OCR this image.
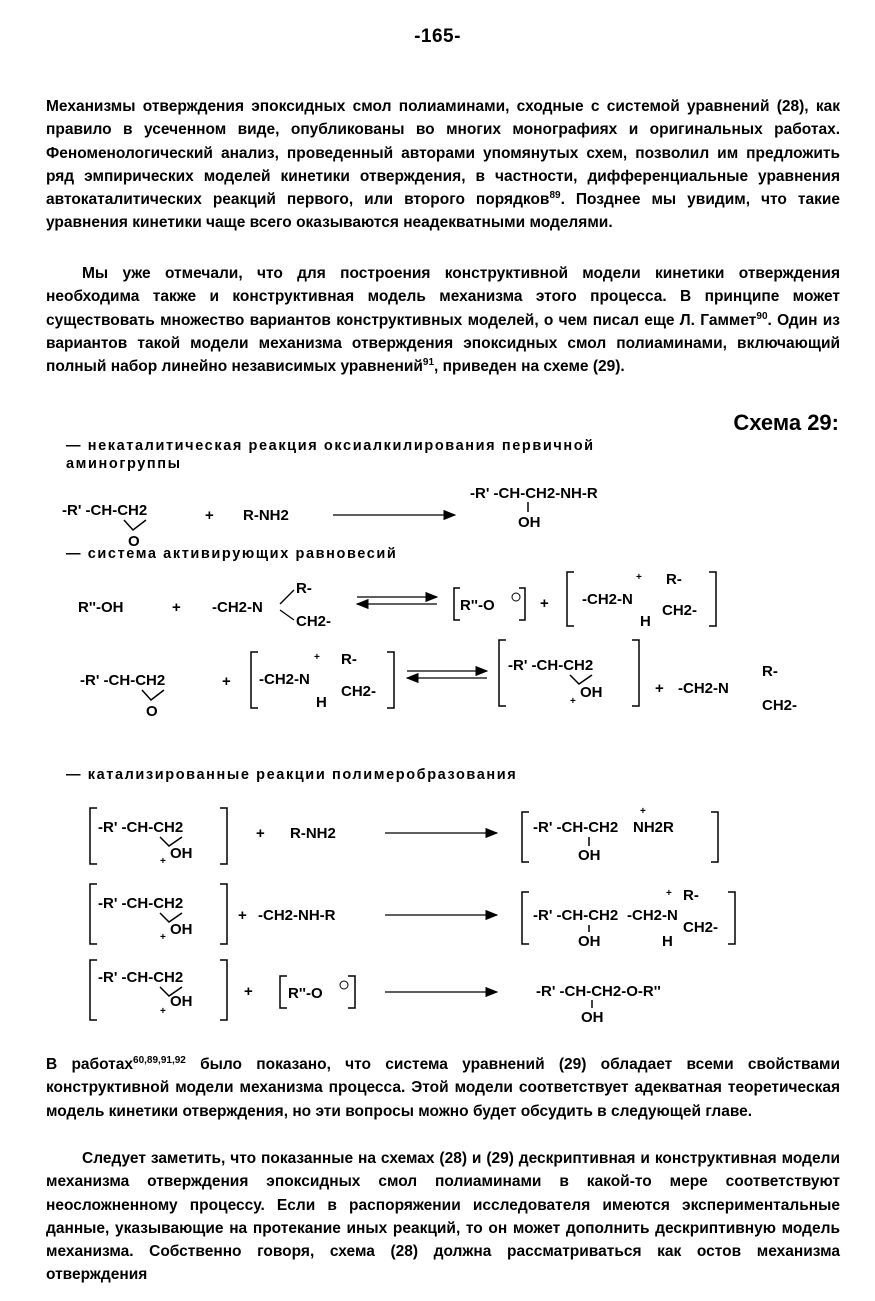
-165-

Механизмы отверждения эпоксидных смол полиаминами, сходные с системой уравнений (28), как правило в усеченном виде, опубликованы во многих монографиях и оригинальных работах. Феноменологический анализ, проведенный авторами упомянутых схем, позволил им предложить ряд эмпирических моделей кинетики отверждения, в частности, дифференциальные уравнения автокаталитических реакций первого, или второго порядков$^{89}$. Позднее мы увидим, что такие уравнения кинетики чаще всего оказываются неадекватными моделями.

Мы уже отмечали, что для построения конструктивной модели кинетики отверждения необходима также и конструктивная модель механизма этого процесса. В принципе может существовать множество вариантов конструктивных моделей, о чем писал еще Л. Гаммет$^{90}$. Один из вариантов такой модели механизма отверждения эпоксидных смол полиаминами, включающий полный набор линейно независимых уравнений$^{91}$, приведен на схеме (29).

Схема 29:
— некаталитическая реакция оксиалкилирования первичной аминогруппы
— система активирующих равновесий
— катализированные реакции полимеробразования
-R' -CH-CH2
O
+ R-NH2
-R' -CH-CH2-NH-R
OH
R''-OH	+ -CH2-N
R-
CH2-
R''-O	+ -CH2-N
R-
CH2-
H
+
-R' -CH-CH2
O
+ -CH2-N
R-
CH2-
H
+	-R' -CH-CH2
OH
+
+ -CH2-N
R-
CH2-
-R' -CH-CH2
OH
+
+ R-NH2	-R' -CH-CH2 NH2R
+
OH
-R' -CH-CH2
OH
+
+ -CH2-NH-R	-R' -CH-CH2 -CH2-N
R-
CH2-
+
OH	H
-R' -CH-CH2
OH
+
+ R''-O	-R' -CH-CH2-O-R''
OH

В работах$^{60,89,91,92}$ было показано, что система уравнений (29) обладает всеми свойствами конструктивной модели механизма процесса. Этой модели соответствует адекватная теоретическая модель кинетики отверждения, но эти вопросы можно будет обсудить в следующей главе.

Следует заметить, что показанные на схемах (28) и (29) дескриптивная и конструктивная модели механизма отверждения эпоксидных смол полиаминами в какой-то мере соответствуют неосложненному процессу. Если в распоряжении исследователя имеются экспериментальные данные, указывающие на протекание иных реакций, то он может дополнить дескриптивную модель механизма. Собственно говоря, схема (28) должна рассматриваться как остов механизма отверждения
